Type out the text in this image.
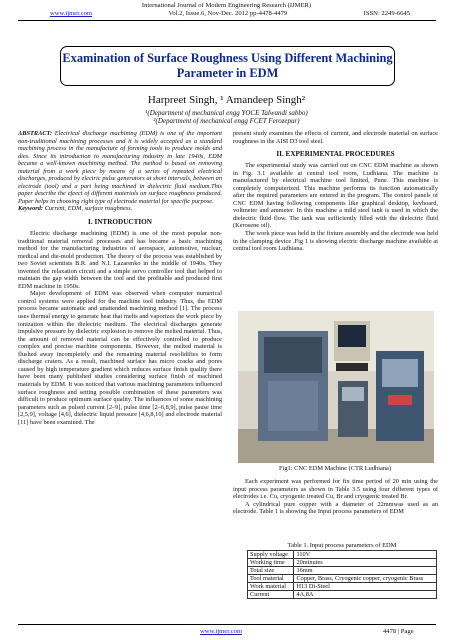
International Journal of Modern Engineering Research (IJMER)
www.ijmer.com	Vol.2, Issue.6, Nov-Dec. 2012 pp-4478-4479	ISSN: 2249-6645
Examination of Surface Roughness Using Different Machining Parameter in EDM
Harpreet Singh, ¹ Amandeep Singh²
¹(Department of mechanical engg YOCE Talwandi sabbo)
²(Department of mechanical engg FCET Ferozepur)

ABSTRACT: Electrical discharge machining (EDM) is one of the important non-traditional machining processes and it is widely accepted as a standard machining process in the manufacture of forming tools to produce molds and dies. Since its introduction to manufacturing industry in late 1940s, EDM became a well-known machining method. The method is based on removing material from a work piece by means of a series of repeated electrical discharges, produced by electric pulse generators at short intervals, between an electrode (tool) and a part being machined in dielectric fluid medium.This paper describe the efeect of different materials on surface roughness produced. Paper helps in choosing right type of electrode material for specific purpose.

Keyword: Current, EDM, surface roughness.

I. INTRODUCTION

Electric discharge machining (EDM) is one of the most popular non-traditional material removal processes and has became a basic machining method for the manufacturing industries of aerospace, automotive, nuclear, medical and die-mold production. The theory of the process was established by two Soviet scientists B.R. and N.I. Lazarenko in the middle of 1940s. They invented the relaxation circuit and a simple servo controller tool that helped to maintain the gap width between the tool and the profitable and produced first EDM machine in 1950s.

Major development of EDM was observed when computer numerical control systems were applied for the machine tool industry. Thus, the EDM process became automatic and unattended machining method [1]. The process uses thermal energy to generate heat that melts and vaporizes the work piece by ionization within the dielectric medium. The electrical discharges generate impulsive pressure by dielectric explosion to remove the melted material. Thus, the amount of removed material can be effectively controlled to produce complex and precise machine components. However, the melted material is flushed away incompletely and the remaining material resolidifies to form discharge craters. As a result, machined surface has micro cracks and pores caused by high temperature gradient which reduces surface finish quality there have been many published studies considering surface finish of machined materials by EDM. It was noticed that various machining parameters influenced surface roughness and setting possible combination of these parameters was difficult to produce optimum surface quality. The influences of some machining parameters such as pulsed current [2–9], pulse time [2–6,8,9], pulse pause time [2,5,9], voltage [4,6], dielectric liquid pressure [4,6,8,10] and electrode material [11] have been examined. The

present study examines the effects of current, and electrode material on surface roughness in the AISI D3 tool steel.

II. EXPERIMENTAL PROCEDURES

The experimental study was carried out on CNC EDM machine as shown in Fig. 3.1 available at central tool room, Ludhiana. The machine is manufactured by electrical machine tool limited, Pune. This machine is completely computerized. This machine performs its function automatically after the required parameters are entered in the program. The control panels of CNC EDM having following components like graphical desktop, keyboard, voltmeter and ammeter. In this machine a mild steel tank is used in which the dielectric fluid flow. The tank was sufficiently filled with the dielectric fluid (Kerosene oil).

The work piece was held in the fixture assembly and the electrode was held in the clamping device .Fig 1 is showing electric discharge machine available at central tool room Ludhiana.

Fig1: CNC EDM Machine (CTR Ludhiana)

Each experiment was performed for fix time period of 20 min using the input process parameters as shown in Table 3.5 using four different types of electrodes i.e. Cu, cryogenic treated Cu, Br and cryogenic treated Br.

A cylindrical pure copper with a diameter of 22mmwas used as an electrode. Table 1 is showing the Input process parameters of EDM

Table 1. Input process parameters of EDM
Supply voltage	110V
Working time	20minutes
Total size	16mm
Tool material	Copper, Brass, Cryogenic copper, cryogenic Brass
Work material	H13 Di-Steel
Current	4A,8A
www.ijmer.com	4478 | Page
